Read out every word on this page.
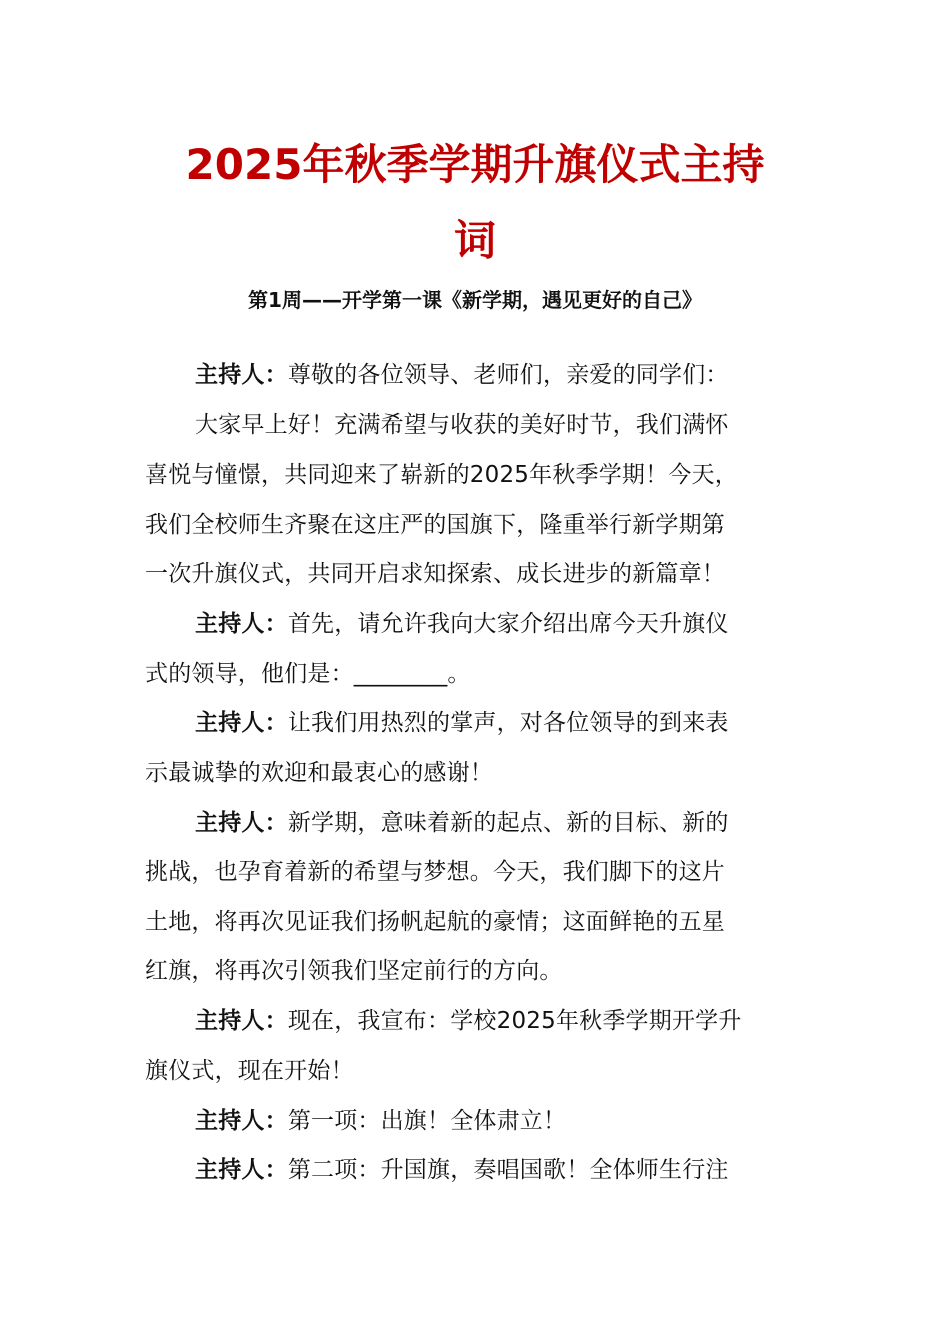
2025年秋季学期升旗仪式主持
词
第1周——开学第一课《新学期，遇见更好的自己》
主持人：尊敬的各位领导、老师们，亲爱的同学们：
大家早上好！充满希望与收获的美好时节，我们满怀
喜悦与憧憬，共同迎来了崭新的2025年秋季学期！今天，
我们全校师生齐聚在这庄严的国旗下，隆重举行新学期第
一次升旗仪式，共同开启求知探索、成长进步的新篇章！
主持人：首先，请允许我向大家介绍出席今天升旗仪
式的领导，他们是：________。
主持人：让我们用热烈的掌声，对各位领导的到来表
示最诚挚的欢迎和最衷心的感谢！
主持人：新学期，意味着新的起点、新的目标、新的
挑战，也孕育着新的希望与梦想。今天，我们脚下的这片
土地，将再次见证我们扬帆起航的豪情；这面鲜艳的五星
红旗，将再次引领我们坚定前行的方向。
主持人：现在，我宣布：学校2025年秋季学期开学升
旗仪式，现在开始！
主持人：第一项：出旗！全体肃立！
主持人：第二项：升国旗，奏唱国歌！全体师生行注
